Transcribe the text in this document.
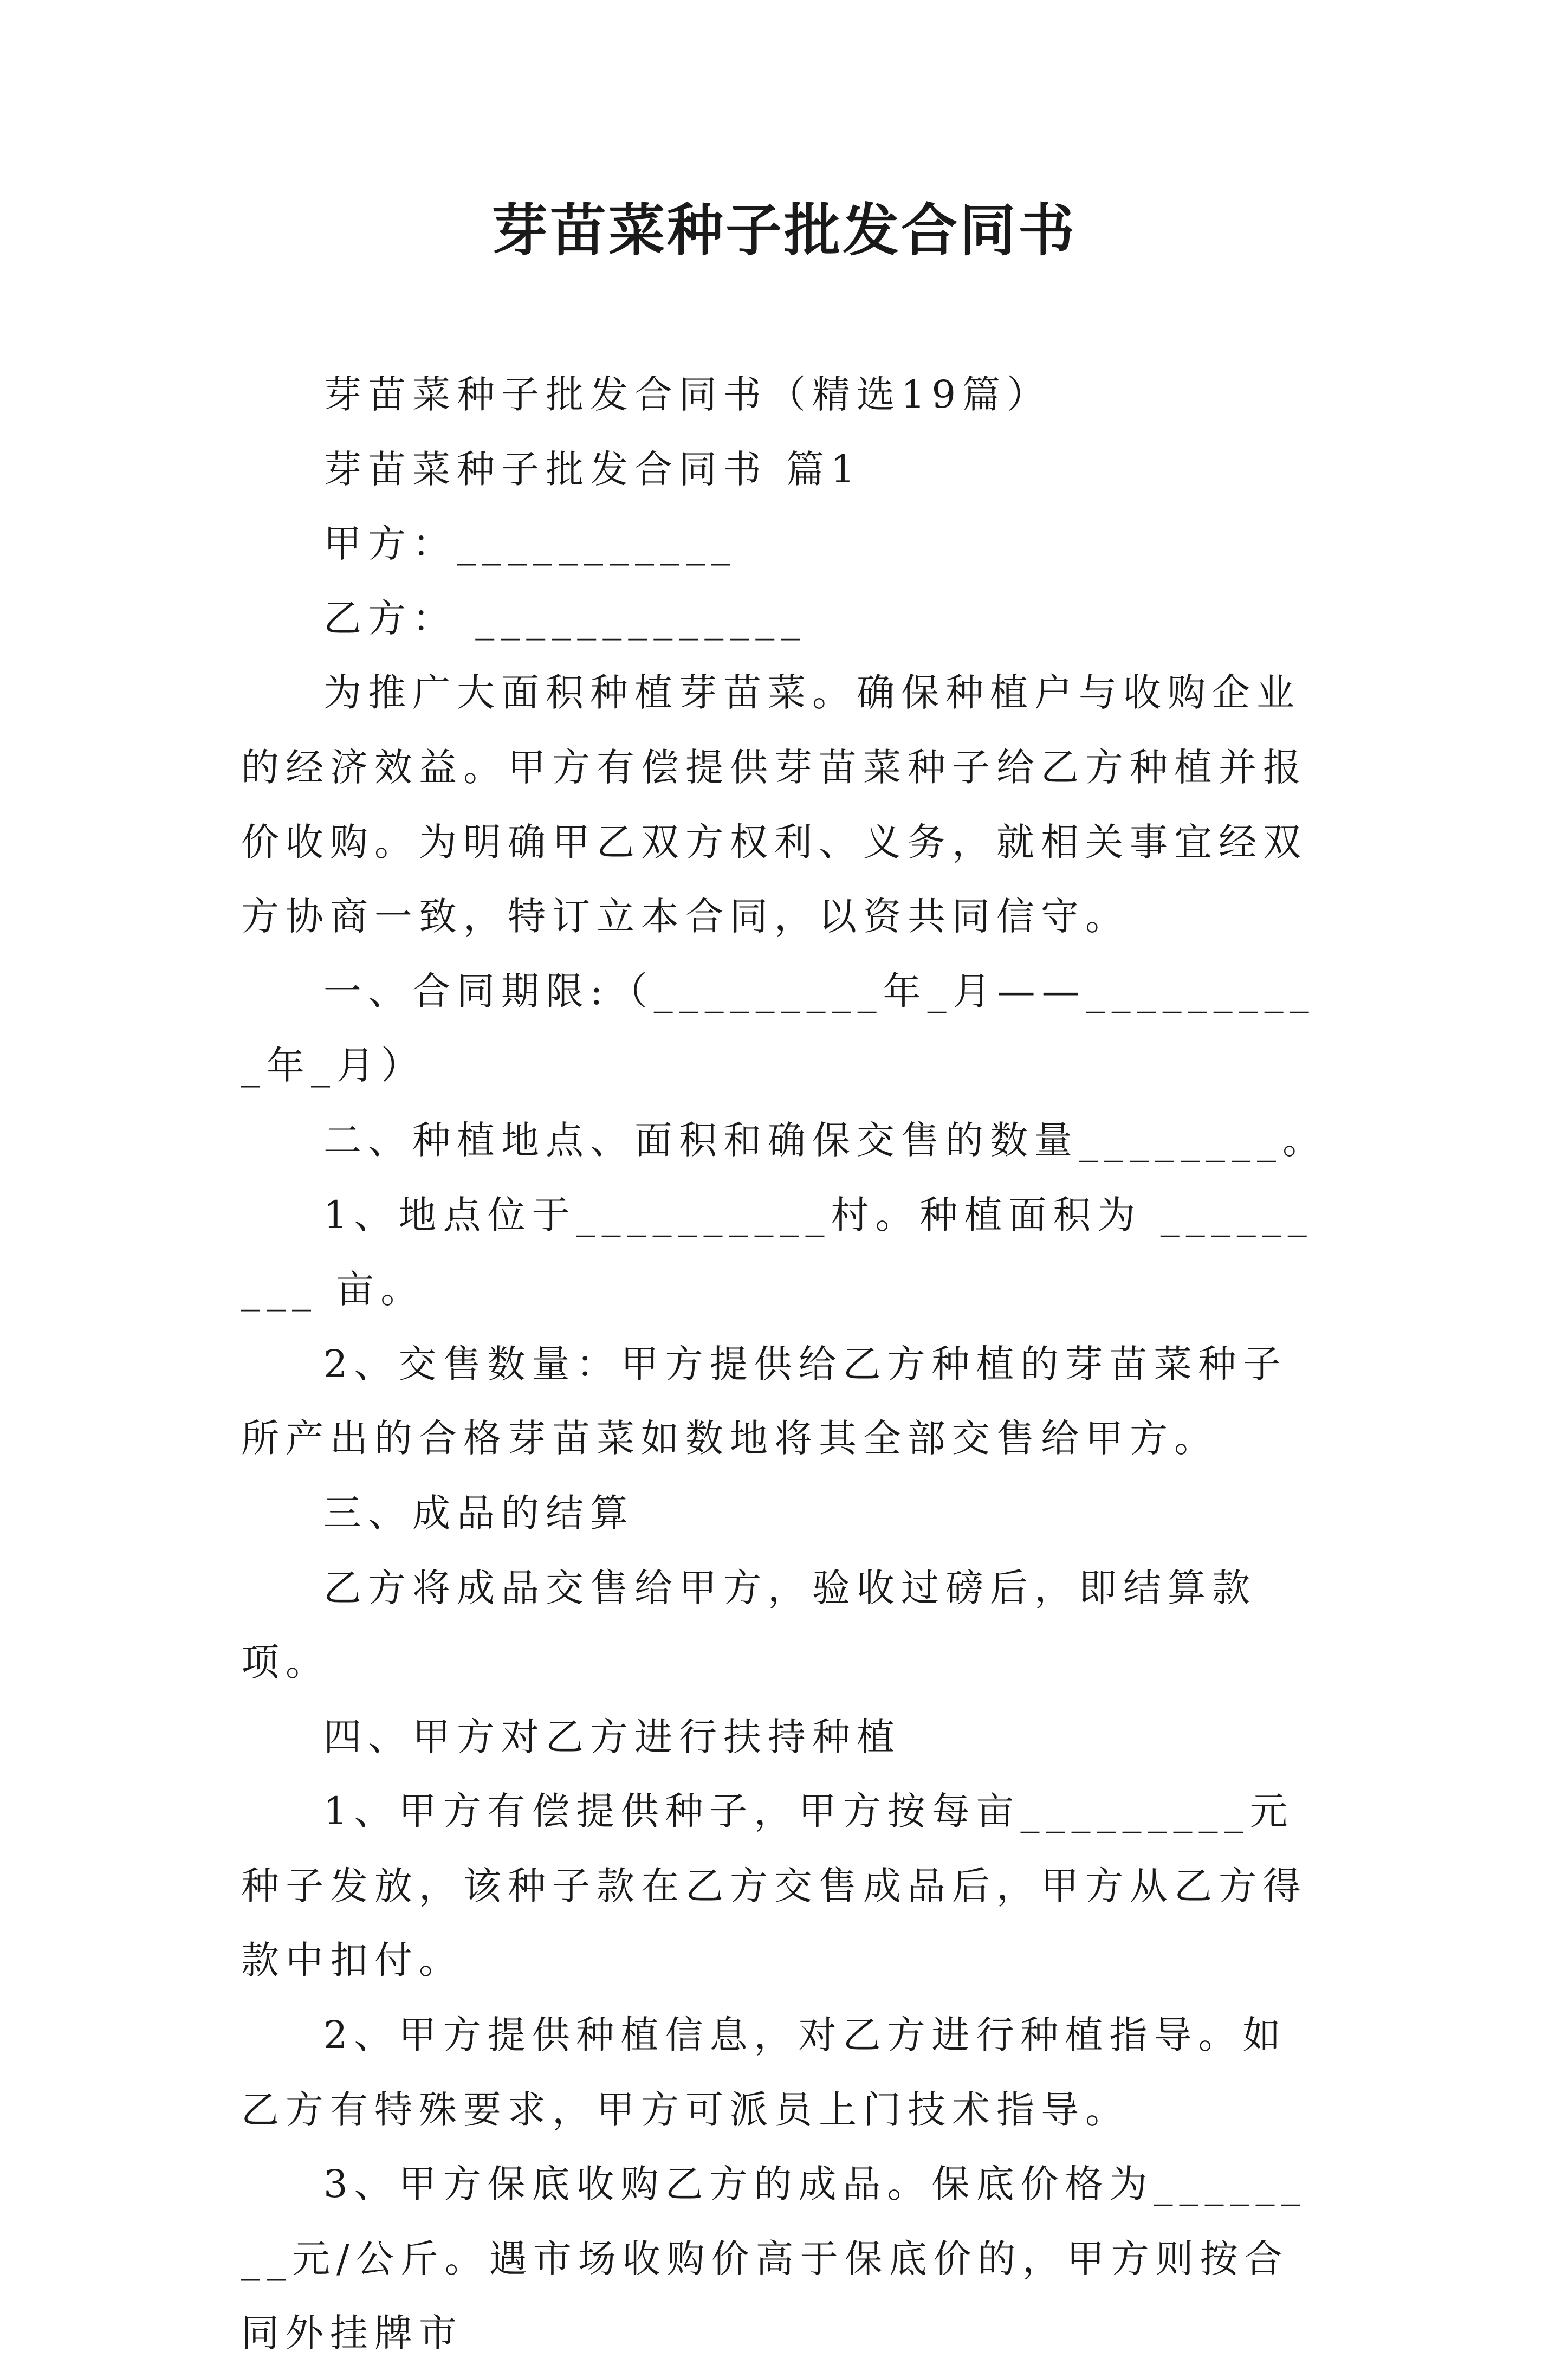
芽苗菜种子批发合同书

芽苗菜种子批发合同书（精选19篇）

芽苗菜种子批发合同书 篇1

甲方：___________

乙方： _____________

为推广大面积种植芽苗菜。确保种植户与收购企业的经济效益。甲方有偿提供芽苗菜种子给乙方种植并报价收购。为明确甲乙双方权利、义务，就相关事宜经双方协商一致，特订立本合同，以资共同信守。

一、合同期限:（_________年_月——__________年_月）

二、种植地点、面积和确保交售的数量________。

1、地点位于__________村。种植面积为 _________ 亩。

2、交售数量：甲方提供给乙方种植的芽苗菜种子所产出的合格芽苗菜如数地将其全部交售给甲方。

三、成品的结算

乙方将成品交售给甲方，验收过磅后，即结算款项。

四、甲方对乙方进行扶持种植

1、甲方有偿提供种子，甲方按每亩_________元种子发放，该种子款在乙方交售成品后，甲方从乙方得款中扣付。

2、甲方提供种植信息，对乙方进行种植指导。如乙方有特殊要求，甲方可派员上门技术指导。

3、甲方保底收购乙方的成品。保底价格为________元/公斤。遇市场收购价高于保底价的，甲方则按合同外挂牌市
